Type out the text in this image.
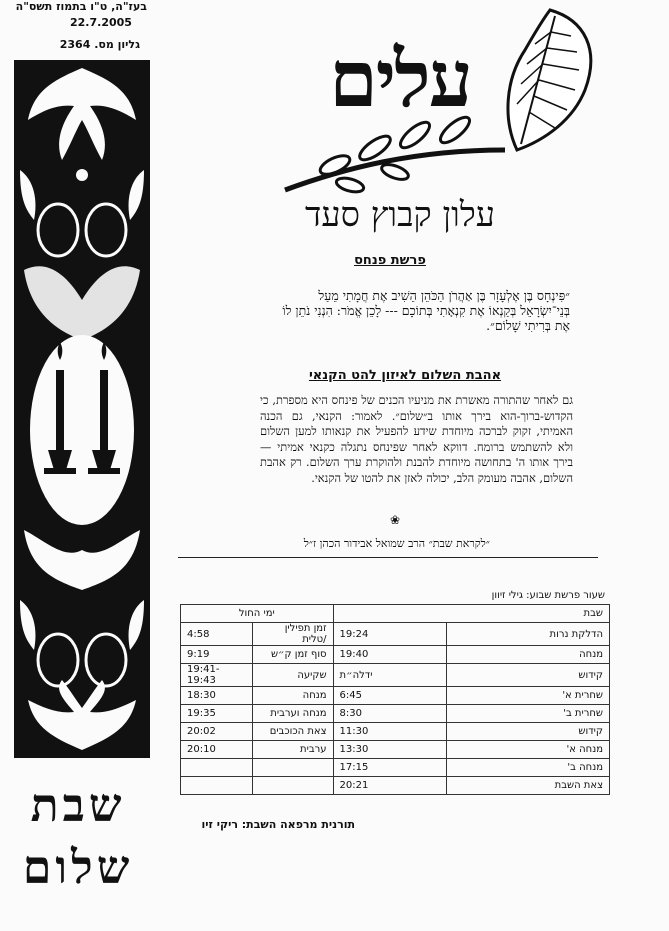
בעז"ה, ט"ו בתמוז תשס"ה
22.7.2005
גליון מס. 2364
שבת
שלום
עלים
עלון קבוץ סעד
פרשת פנחס
״פִּינְחָס בֶּן אֶלְעָזָר בֶּן אַהֲרֹן הַכֹּהֵן הֵשִׁיב אֶת חֲמָתִי מֵעַל בְּנֵי־יִשְׂרָאֵל בְּקַנְאוֹ אֶת קִנְאָתִי בְּתוֹכָם --- לָכֵן אֱמֹר: הִנְנִי נֹתֵן לוֹ אֶת בְּרִיתִי שָׁלוֹם״.
אהבת השלום לאיזון להט הקנאי
גם לאחר שהתורה מאשרת את מניעיו הכנים של פינחס היא מספרת, כי הקדוש-ברוך-הוא בירך אותו ב״שלום״. לאמור: הקנאי, גם הכנה האמיתי, זקוק לברכה מיוחדת שידע להפעיל את קנאותו למען השלום ולא להשתמש ברומח. דווקא לאחר שפינחס נתגלה כקנאי אמיתי — בירך אותו ה' בתחושה מיוחדת להבנת ולהוקרת ערך השלום. רק אהבת השלום, אהבה מעומק הלב, יכולה לאזן את להטו של הקנאי.
❀
״לקראת שבת״ הרב שמואל אבידור הכהן ז״ל
שעור פרשת שבוע: גילי זיוון
שבת		ימי החול	
הדלקת נרות	19:24	זמן תפילין /טלית	4:58
מנחה	19:40	סוף זמן ק״ש	9:19
קידוש	ידלה״ת	שקיעה	19:41-19:43
שחרית א'	6:45	מנחה	18:30
שחרית ב'	8:30	מנחה וערבית	19:35
קידוש	11:30	צאת הכוכבים	20:02
מנחה א'	13:30	ערבית	20:10
מנחה ב'	17:15		
צאת השבת	20:21		
תורנית מרפאה השבת: ריקי זיו
